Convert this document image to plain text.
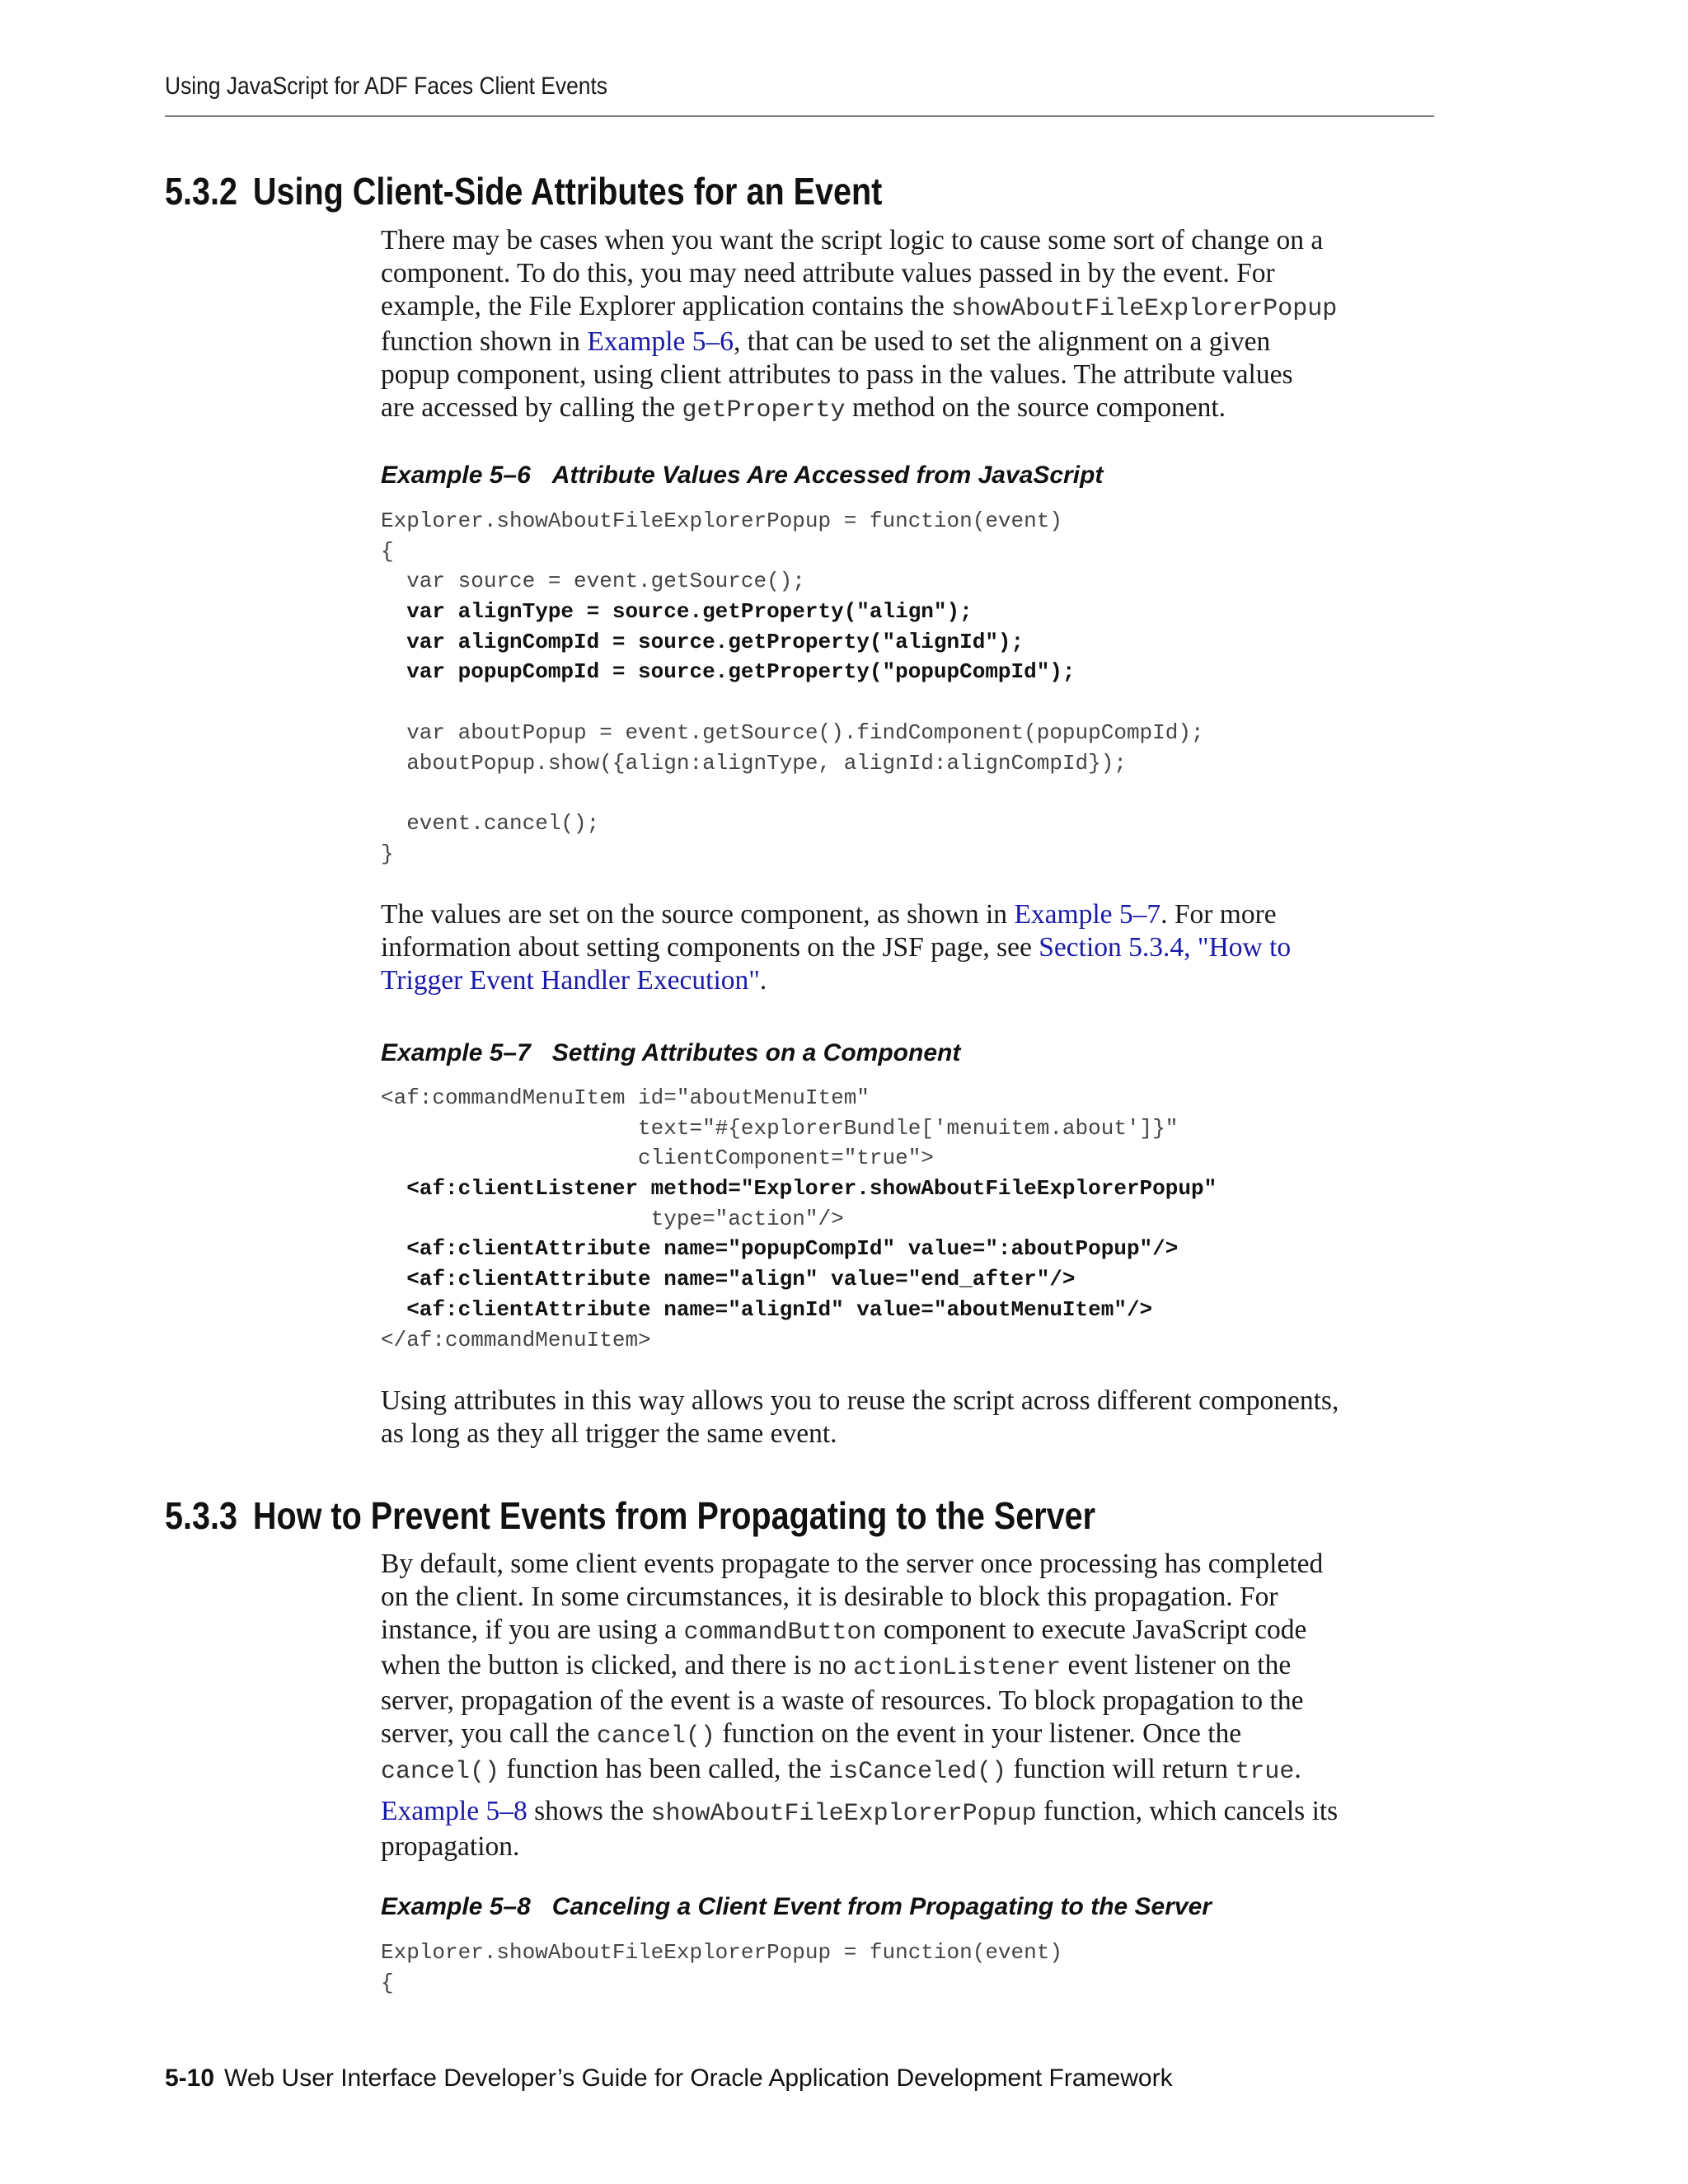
Using JavaScript for ADF Faces Client Events
5.3.2 Using Client-Side Attributes for an Event
There may be cases when you want the script logic to cause some sort of change on a
component. To do this, you may need attribute values passed in by the event. For
example, the File Explorer application contains the showAboutFileExplorerPopup
function shown in Example 5–6, that can be used to set the alignment on a given
popup component, using client attributes to pass in the values. The attribute values
are accessed by calling the getProperty method on the source component.
Example 5–6 Attribute Values Are Accessed from JavaScript
Explorer.showAboutFileExplorerPopup = function(event)
{
var source = event.getSource();
var alignType = source.getProperty("align");
var alignCompId = source.getProperty("alignId");
var popupCompId = source.getProperty("popupCompId");
var aboutPopup = event.getSource().findComponent(popupCompId);
aboutPopup.show({align:alignType, alignId:alignCompId});
event.cancel();
}
The values are set on the source component, as shown in Example 5–7. For more
information about setting components on the JSF page, see Section 5.3.4, "How to
Trigger Event Handler Execution".
Example 5–7 Setting Attributes on a Component
<af:commandMenuItem id="aboutMenuItem"
text="#{explorerBundle['menuitem.about']}"
clientComponent="true">
<af:clientListener method="Explorer.showAboutFileExplorerPopup"
type="action"/>
<af:clientAttribute name="popupCompId" value=":aboutPopup"/>
<af:clientAttribute name="align" value="end_after"/>
<af:clientAttribute name="alignId" value="aboutMenuItem"/>
</af:commandMenuItem>
Using attributes in this way allows you to reuse the script across different components,
as long as they all trigger the same event.
5.3.3 How to Prevent Events from Propagating to the Server
By default, some client events propagate to the server once processing has completed
on the client. In some circumstances, it is desirable to block this propagation. For
instance, if you are using a commandButton component to execute JavaScript code
when the button is clicked, and there is no actionListener event listener on the
server, propagation of the event is a waste of resources. To block propagation to the
server, you call the cancel() function on the event in your listener. Once the
cancel() function has been called, the isCanceled() function will return true.
Example 5–8 shows the showAboutFileExplorerPopup function, which cancels its
propagation.
Example 5–8 Canceling a Client Event from Propagating to the Server
Explorer.showAboutFileExplorerPopup = function(event)
{
5-10 Web User Interface Developer’s Guide for Oracle Application Development Framework
